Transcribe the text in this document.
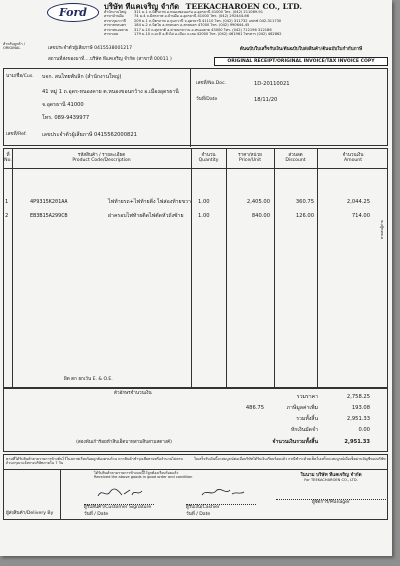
Ford บริษัท ทีแคเจริญ จำกัด TEEKACHAROEN CO., LTD.
สำนักงานใหญ่	311 ม.1 ถ.มิตรภาพ อ.หนองขอนแก่น อ.อุดรธานี 41000 โทร. (042) 211089-91
สาขาบ้านผือ	74 ม.4 ถ.มิตรภาพ อ.บ้านผือ อ.อุดรธานี 41000 โทร. (042) 292444-66
สาขากุมภวาปี	209 ม.1 ถ.มิตรภาพ อ.กุมภวาปี จ.อุดรธานี 41110 โทร. (042) 311732 แฟกซ์ 042-311730
สาขาสกลนคร	184 ม.2 ถ.นิตโย อ.สกลนคร อ.สกลนคร 47000 โทร. (042) 990644-45
สาขาหนองคาย	317 ม.10 ถ.ศุภชาติ อ.ค่ายบกหวาน อ.หนองคาย 43000 โทร. (042) 712196 312186
สาขาเลย	179 ม.10 ถ.มะลิ อ.ติวไผ่ อ.เมือง จ.เลย 42000 โทร. (042) 461961 โทรสาร (042) 462862
สำหรับลูกค้า / ORIGINAL	เลขประจำตัวผู้เสียภาษี 0415538001217
สถานที่ส่งของมาที่....บริษัท ทีแคเจริญ จำกัด (สาขาที่ 00011 )
ต้นฉบับใบเสร็จรับเงิน/ต้นฉบับใบส่งสินค้า/ต้นฉบับใบกำกับภาษี
ORIGINAL RECEIPT/ORIGINAL INVOICE/TAX INVOICE COPY
นาม/ชื่อ/Cus. บจก. สนไทยพับลิก (สำนักงานใหญ่)
41 หมู่ 1 ถ.อุดร-หนองคาย ต.หนองขอนกว้าง อ.เมืองอุดรธานี
จ.อุดรธานี 41000
โทร. 089-9439977
เลขที่/Ref.	เลขประจำตัวผู้เสียภาษี 0415562000821
เลขที่/No.Doc.	1D-20110021
วันที่/Date	18/11/20
ที่
No.
รหัสสินค้า / รายละเอียด
Product Code/Description
จำนวน
Quantity
ราคา/หน่วย
Price/Unit
ส่วนลด
Discount
จำนวนเงิน
Amount
1	4P9315K201AA	ไฟท้ายรถ+ไฟท้ายติ่ง ไฟส่องท้ายขวา 1.00	2,405.00	360.75	2,044.25
2	EB3B15A299CB	ฝาครอบไฟท้ายติดไฟตัดหัวถังซ้าย	1.00	840.00	126.00	714.00
ผิด ตก ยกเว้น E. & O.E.
ตัวอักษรจำนวนเงิน
รวมราคา	2,758.25
486.75	ภาษีมูลค่าเพิ่ม	193.08
รวมทั้งสิ้น	2,951.33
หักเงินมัดจำ	0.00
(สองพันเก้าร้อยห้าสิบเอ็ดบาทสามสิบสามสตางค์)	จำนวนเงินรวมทั้งสิ้น	2,951.33
ตามที่ได้รับสินค้าตามรายการข้างต้นไว้ในสภาพเรียบร้อยถูกต้องครบถ้วน หากสินค้าชำรุดเสียหายหรือจำนวนไม่ครบถ้วนกรุณาแจ้งทางบริษัทภายใน 7 วัน
ใบเสร็จรับเงินนี้จะสมบูรณ์ต่อเมื่อบริษัทได้รับเงินเรียบร้อยแล้ว กรณีชำระด้วยเช็คใบเสร็จจะสมบูรณ์เมื่อเช็คผ่านบัญชีของบริษัท
ได้รับสินค้าตามรายการข้างบนนี้ไว้ถูกต้องเรียบร้อยแล้ว
Received the above goods in good order and condition
ผู้ส่งสินค้า/Delivery By
ผู้รับสินค้า/Customer Signature
วันที่ / Date
ผู้รับเงิน/Cashier
วันที่ / Date
ในนาม บริษัท ทีแคเจริญ จำกัด
For TEEKACHAROEN CO., LTD.
ผู้จัดการ/Manager
สายพบผู้จ่าย
